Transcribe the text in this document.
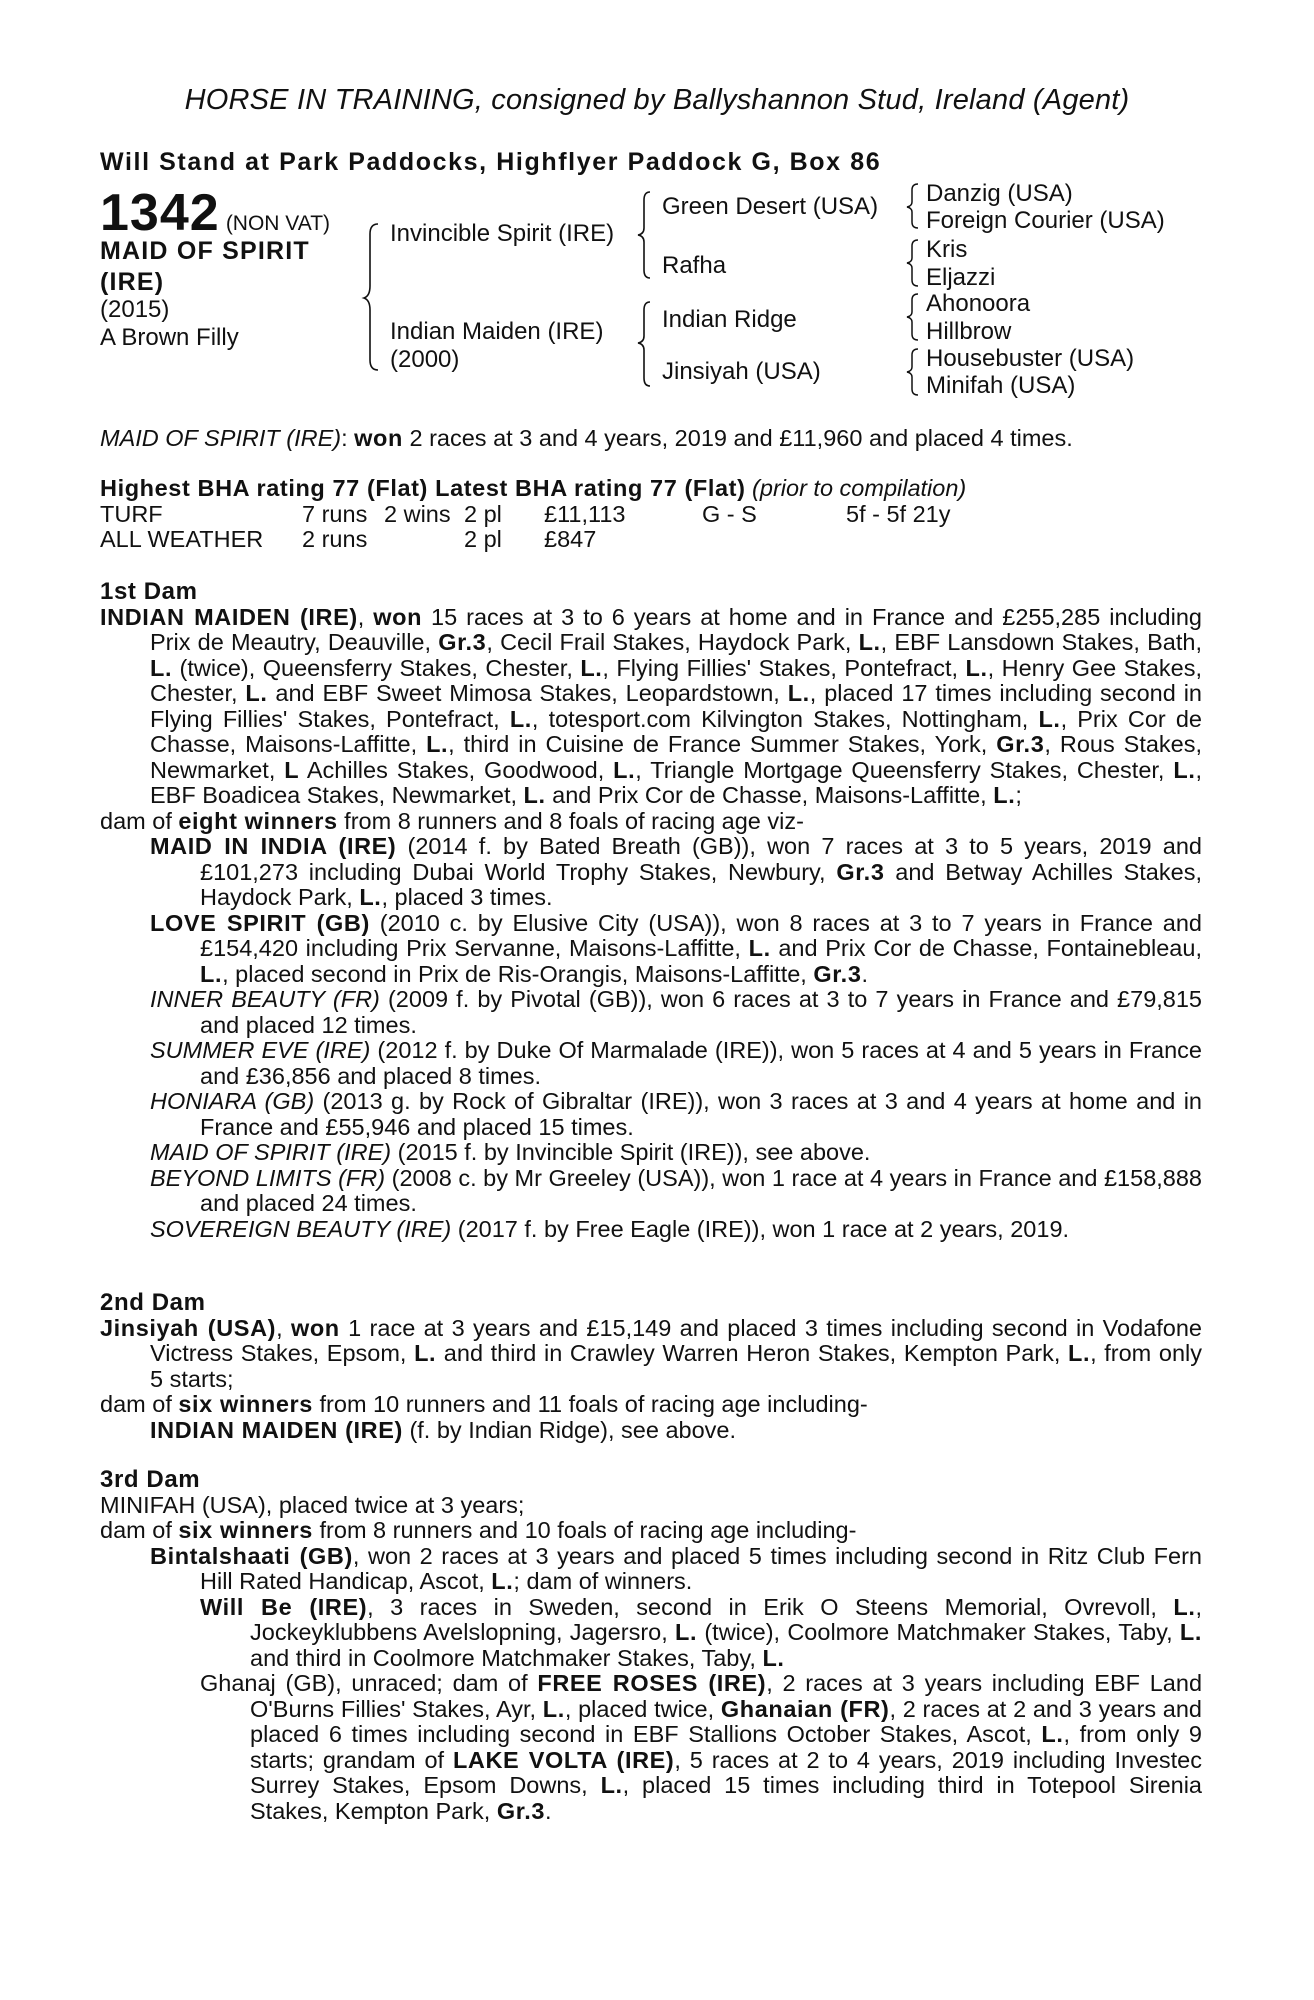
HORSE IN TRAINING, consigned by Ballyshannon Stud, Ireland (Agent)
Will Stand at Park Paddocks, Highflyer Paddock G, Box 86
1342 (NON VAT)
MAID OF SPIRIT
(IRE)
(2015)
A Brown Filly
Invincible Spirit (IRE)
Indian Maiden (IRE)
(2000)
Green Desert (USA)
Rafha
Indian Ridge
Jinsiyah (USA)
Danzig (USA)
Foreign Courier (USA)
Kris
Eljazzi
Ahonoora
Hillbrow
Housebuster (USA)
Minifah (USA)

MAID OF SPIRIT (IRE): won 2 races at 3 and 4 years, 2019 and £11,960 and placed 4 times.

Highest BHA rating 77 (Flat) Latest BHA rating 77 (Flat) (prior to compilation)

TURF	7 runs	2 wins	2 pl	£11,113	G - S	5f - 5f 21y
ALL WEATHER	2 runs		2 pl	£847		

1st Dam

INDIAN MAIDEN (IRE), won 15 races at 3 to 6 years at home and in France and £255,285 including Prix de Meautry, Deauville, Gr.3, Cecil Frail Stakes, Haydock Park, L., EBF Lansdown Stakes, Bath, L. (twice), Queensferry Stakes, Chester, L., Flying Fillies' Stakes, Pontefract, L., Henry Gee Stakes, Chester, L. and EBF Sweet Mimosa Stakes, Leopardstown, L., placed 17 times including second in Flying Fillies' Stakes, Pontefract, L., totesport.com Kilvington Stakes, Nottingham, L., Prix Cor de Chasse, Maisons-Laffitte, L., third in Cuisine de France Summer Stakes, York, Gr.3, Rous Stakes, Newmarket, L Achilles Stakes, Goodwood, L., Triangle Mortgage Queensferry Stakes, Chester, L., EBF Boadicea Stakes, Newmarket, L. and Prix Cor de Chasse, Maisons-Laffitte, L.;

dam of eight winners from 8 runners and 8 foals of racing age viz-

MAID IN INDIA (IRE) (2014 f. by Bated Breath (GB)), won 7 races at 3 to 5 years, 2019 and £101,273 including Dubai World Trophy Stakes, Newbury, Gr.3 and Betway Achilles Stakes, Haydock Park, L., placed 3 times.

LOVE SPIRIT (GB) (2010 c. by Elusive City (USA)), won 8 races at 3 to 7 years in France and £154,420 including Prix Servanne, Maisons-Laffitte, L. and Prix Cor de Chasse, Fontainebleau, L., placed second in Prix de Ris-Orangis, Maisons-Laffitte, Gr.3.

INNER BEAUTY (FR) (2009 f. by Pivotal (GB)), won 6 races at 3 to 7 years in France and £79,815 and placed 12 times.

SUMMER EVE (IRE) (2012 f. by Duke Of Marmalade (IRE)), won 5 races at 4 and 5 years in France and £36,856 and placed 8 times.

HONIARA (GB) (2013 g. by Rock of Gibraltar (IRE)), won 3 races at 3 and 4 years at home and in France and £55,946 and placed 15 times.

MAID OF SPIRIT (IRE) (2015 f. by Invincible Spirit (IRE)), see above.

BEYOND LIMITS (FR) (2008 c. by Mr Greeley (USA)), won 1 race at 4 years in France and £158,888 and placed 24 times.

SOVEREIGN BEAUTY (IRE) (2017 f. by Free Eagle (IRE)), won 1 race at 2 years, 2019.

2nd Dam

Jinsiyah (USA), won 1 race at 3 years and £15,149 and placed 3 times including second in Vodafone Victress Stakes, Epsom, L. and third in Crawley Warren Heron Stakes, Kempton Park, L., from only 5 starts;

dam of six winners from 10 runners and 11 foals of racing age including-

INDIAN MAIDEN (IRE) (f. by Indian Ridge), see above.

3rd Dam

MINIFAH (USA), placed twice at 3 years;

dam of six winners from 8 runners and 10 foals of racing age including-

Bintalshaati (GB), won 2 races at 3 years and placed 5 times including second in Ritz Club Fern Hill Rated Handicap, Ascot, L.; dam of winners.

Will Be (IRE), 3 races in Sweden, second in Erik O Steens Memorial, Ovrevoll, L., Jockeyklubbens Avelslopning, Jagersro, L. (twice), Coolmore Matchmaker Stakes, Taby, L. and third in Coolmore Matchmaker Stakes, Taby, L.

Ghanaj (GB), unraced; dam of FREE ROSES (IRE), 2 races at 3 years including EBF Land O'Burns Fillies' Stakes, Ayr, L., placed twice, Ghanaian (FR), 2 races at 2 and 3 years and placed 6 times including second in EBF Stallions October Stakes, Ascot, L., from only 9 starts; grandam of LAKE VOLTA (IRE), 5 races at 2 to 4 years, 2019 including Investec Surrey Stakes, Epsom Downs, L., placed 15 times including third in Totepool Sirenia Stakes, Kempton Park, Gr.3.
